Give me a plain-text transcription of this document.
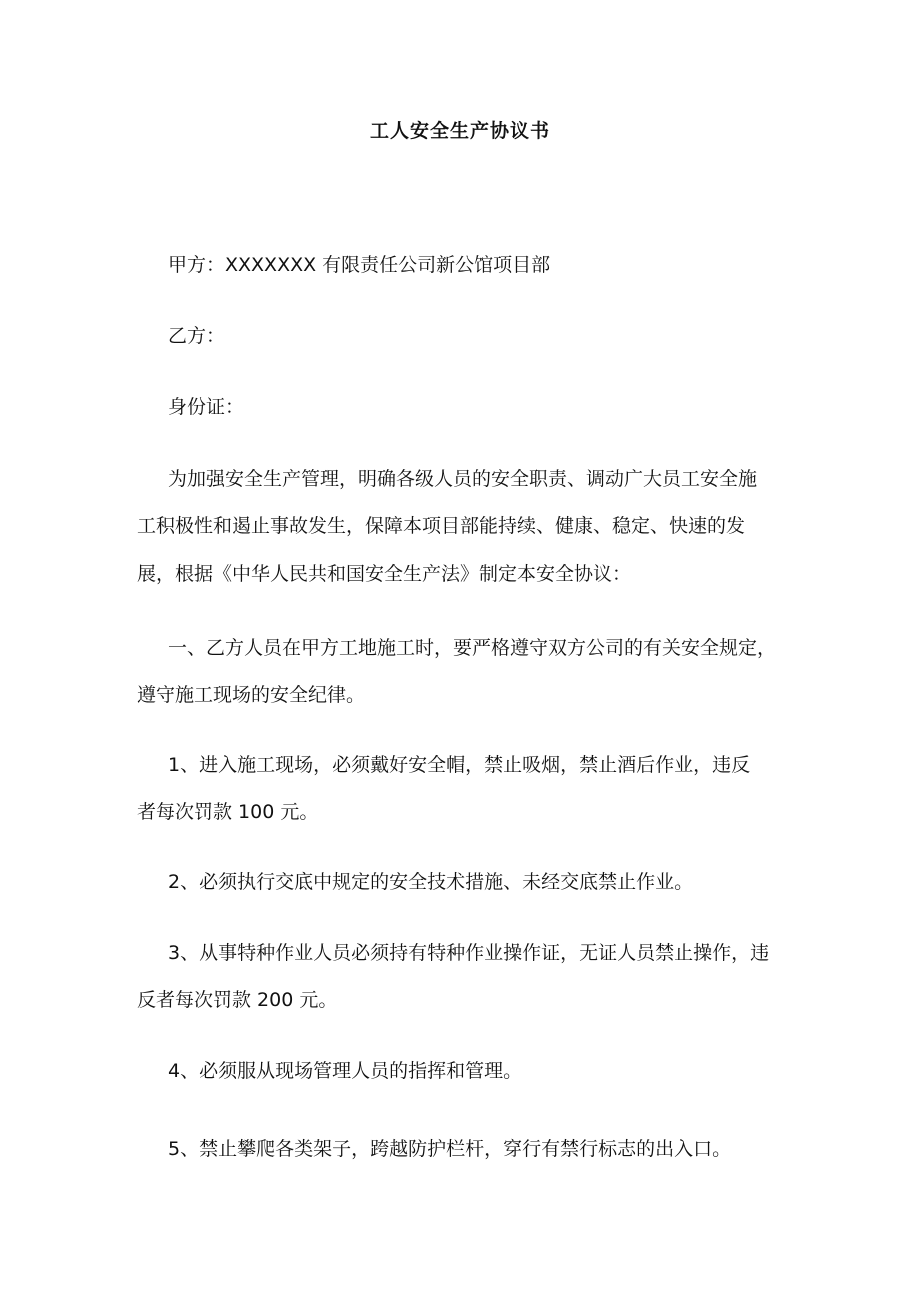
工人安全生产协议书
甲方：XXXXXXX 有限责任公司新公馆项目部
乙方：
身份证：
为加强安全生产管理，明确各级人员的安全职责、调动广大员工安全施
工积极性和遏止事故发生，保障本项目部能持续、健康、稳定、快速的发
展，根据《中华人民共和国安全生产法》制定本安全协议：
一、乙方人员在甲方工地施工时，要严格遵守双方公司的有关安全规定，
遵守施工现场的安全纪律。
1、进入施工现场，必须戴好安全帽，禁止吸烟，禁止酒后作业，违反
者每次罚款 100 元。
2、必须执行交底中规定的安全技术措施、未经交底禁止作业。
3、从事特种作业人员必须持有特种作业操作证，无证人员禁止操作，违
反者每次罚款 200 元。
4、必须服从现场管理人员的指挥和管理。
5、禁止攀爬各类架子，跨越防护栏杆，穿行有禁行标志的出入口。
